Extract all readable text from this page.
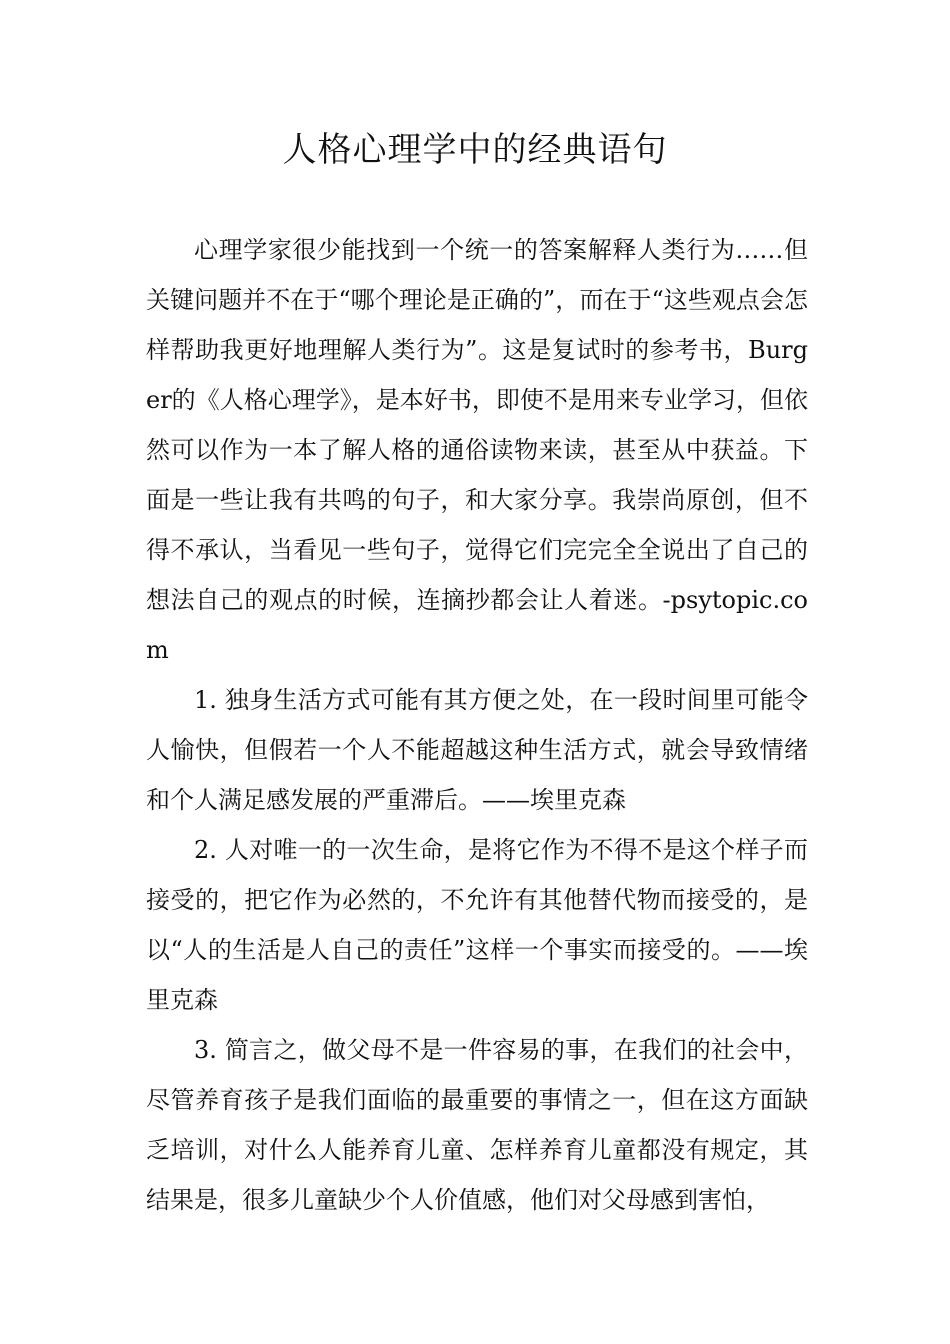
人格心理学中的经典语句

心理学家很少能找到一个统一的答案解释人类行为……但关键问题并不在于“哪个理论是正确的”，而在于“这些观点会怎样帮助我更好地理解人类行为”。这是复试时的参考书，Burger的《人格心理学》，是本好书，即使不是用来专业学习，但依然可以作为一本了解人格的通俗读物来读，甚至从中获益。下面是一些让我有共鸣的句子，和大家分享。我崇尚原创，但不得不承认，当看见一些句子，觉得它们完完全全说出了自己的想法自己的观点的时候，连摘抄都会让人着迷。-psytopic.com

1. 独身生活方式可能有其方便之处，在一段时间里可能令人愉快，但假若一个人不能超越这种生活方式，就会导致情绪和个人满足感发展的严重滞后。——埃里克森

2. 人对唯一的一次生命，是将它作为不得不是这个样子而接受的，把它作为必然的，不允许有其他替代物而接受的，是以“人的生活是人自己的责任”这样一个事实而接受的。——埃里克森

3. 简言之，做父母不是一件容易的事，在我们的社会中，尽管养育孩子是我们面临的最重要的事情之一，但在这方面缺乏培训，对什么人能养育儿童、怎样养育儿童都没有规定，其结果是，很多儿童缺少个人价值感，他们对父母感到害怕，
